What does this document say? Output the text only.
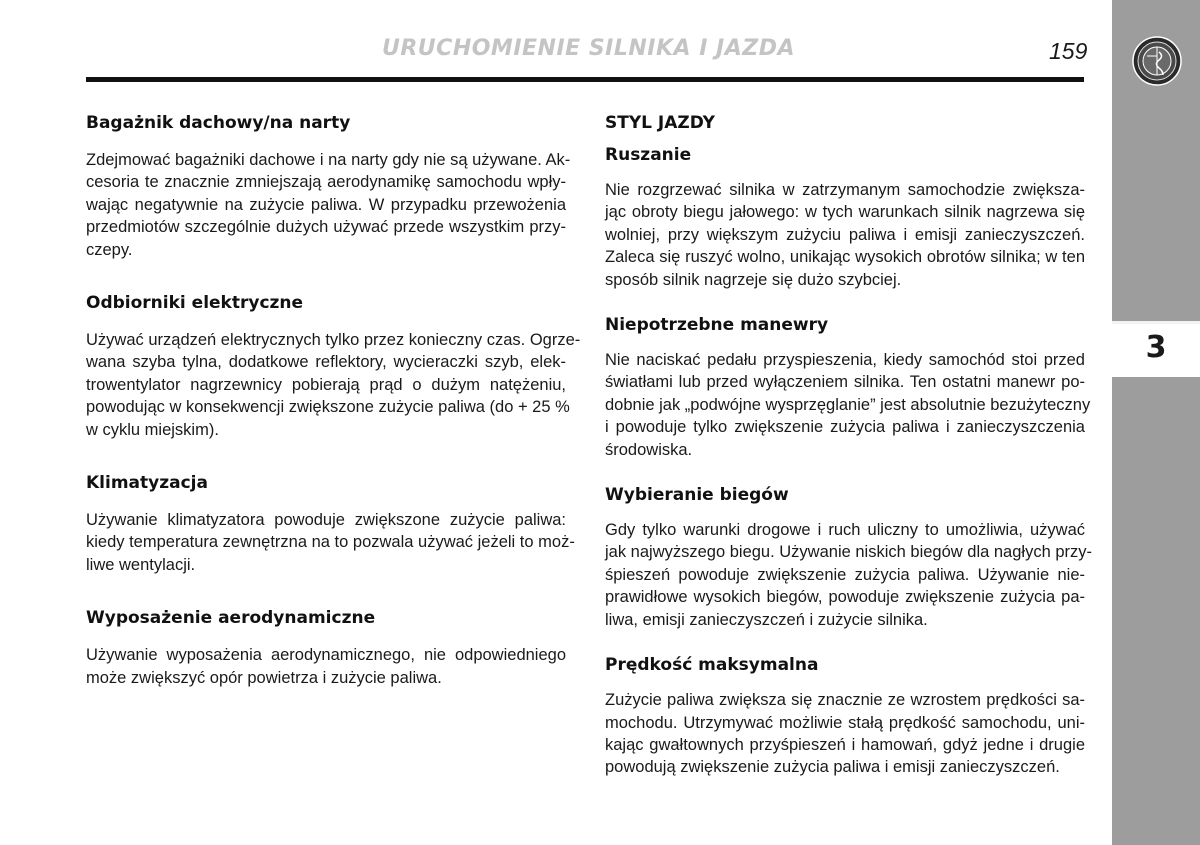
URUCHOMIENIE SILNIKA I JAZDA	159
3
Bagażnik dachowy/na narty

Zdejmować bagażniki dachowe i na narty gdy nie są używane. Ak-
cesoria te znacznie zmniejszają aerodynamikę samochodu wpły-
wając negatywnie na zużycie paliwa. W przypadku przewożenia
przedmiotów szczególnie dużych używać przede wszystkim przy-
czepy.

Odbiorniki elektryczne

Używać urządzeń elektrycznych tylko przez konieczny czas. Ogrze-
wana szyba tylna, dodatkowe reflektory, wycieraczki szyb, elek-
trowentylator nagrzewnicy pobierają prąd o dużym natężeniu,
powodując w konsekwencji zwiększone zużycie paliwa (do + 25 %
w cyklu miejskim).

Klimatyzacja

Używanie klimatyzatora powoduje zwiększone zużycie paliwa:
kiedy temperatura zewnętrzna na to pozwala używać jeżeli to moż-
liwe wentylacji.

Wyposażenie aerodynamiczne

Używanie wyposażenia aerodynamicznego, nie odpowiedniego
może zwiększyć opór powietrza i zużycie paliwa.

STYL JAZDY
Ruszanie

Nie rozgrzewać silnika w zatrzymanym samochodzie zwiększa-
jąc obroty biegu jałowego: w tych warunkach silnik nagrzewa się
wolniej, przy większym zużyciu paliwa i emisji zanieczyszczeń.
Zaleca się ruszyć wolno, unikając wysokich obrotów silnika; w ten
sposób silnik nagrzeje się dużo szybciej.

Niepotrzebne manewry

Nie naciskać pedału przyspieszenia, kiedy samochód stoi przed
światłami lub przed wyłączeniem silnika. Ten ostatni manewr po-
dobnie jak „podwójne wysprzęglanie” jest absolutnie bezużyteczny
i powoduje tylko zwiększenie zużycia paliwa i zanieczyszczenia
środowiska.

Wybieranie biegów

Gdy tylko warunki drogowe i ruch uliczny to umożliwia, używać
jak najwyższego biegu. Używanie niskich biegów dla nagłych przy-
śpieszeń powoduje zwiększenie zużycia paliwa. Używanie nie-
prawidłowe wysokich biegów, powoduje zwiększenie zużycia pa-
liwa, emisji zanieczyszczeń i zużycie silnika.

Prędkość maksymalna

Zużycie paliwa zwiększa się znacznie ze wzrostem prędkości sa-
mochodu. Utrzymywać możliwie stałą prędkość samochodu, uni-
kając gwałtownych przyśpieszeń i hamowań, gdyż jedne i drugie
powodują zwiększenie zużycia paliwa i emisji zanieczyszczeń.
